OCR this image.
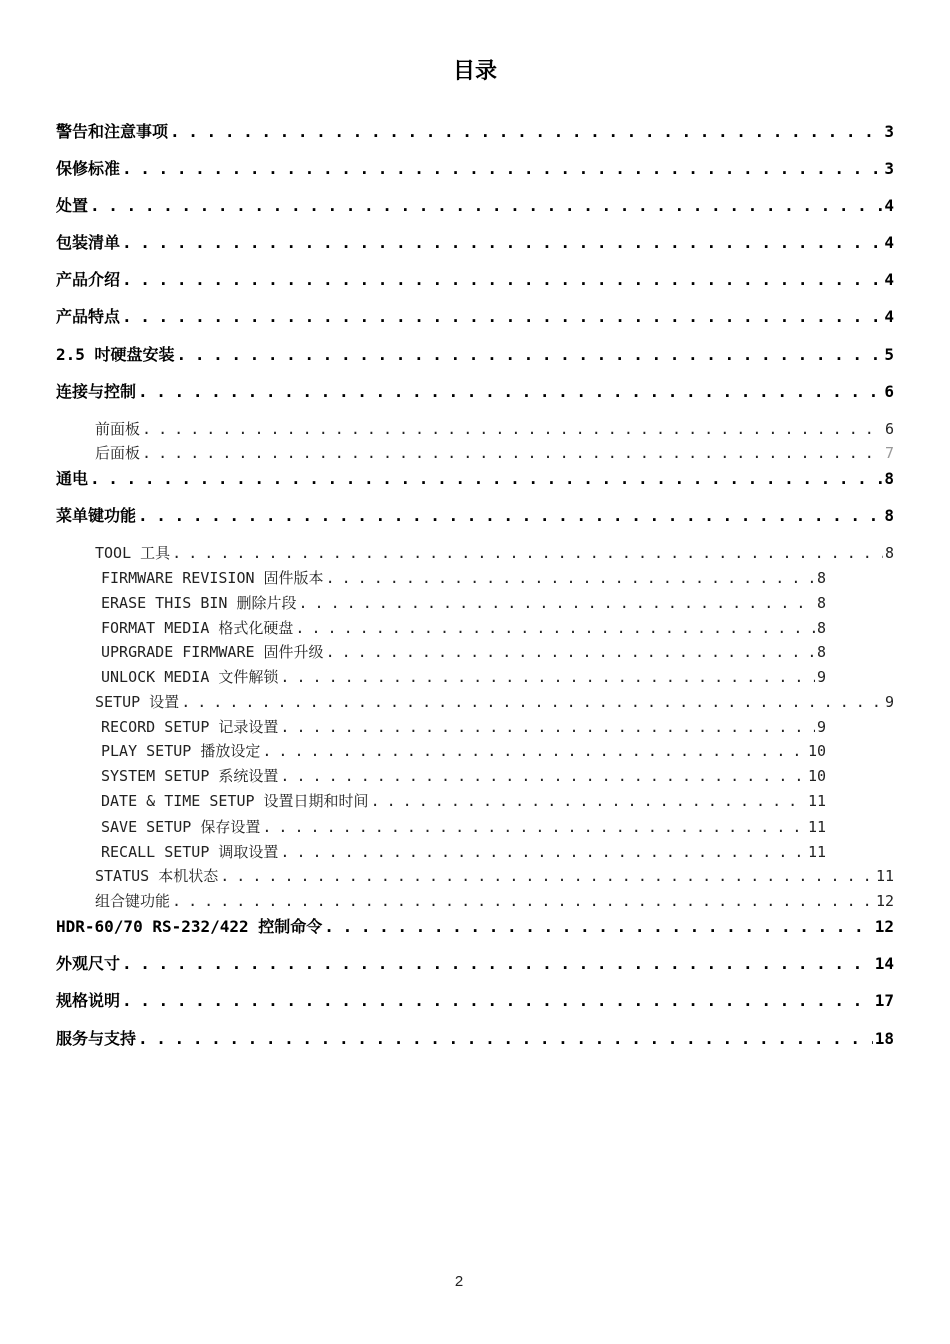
目录
警告和注意事项 . . .	3
保修标准 . . .	3
处置 . . .	4
包装清单 . . .	4
产品介绍 . . .	4
产品特点 . . .	4
2.5 吋硬盘安装 . . .	5
连接与控制 . . .	6
前面板 . . .	6
后面板 . . .	7
通电 . . .	8
菜单键功能 . . .	8
TOOL 工具 . . .	8
FIRMWARE REVISION 固件版本 . . .	8
ERASE THIS BIN 删除片段 . . .	8
FORMAT MEDIA 格式化硬盘 . . .	8
UPRGRADE FIRMWARE 固件升级 . . .	8
UNLOCK MEDIA 文件解锁 . . .	9
SETUP 设置 . . .	9
RECORD SETUP 记录设置 . . .	9
PLAY SETUP 播放设定 . . .	10
SYSTEM SETUP 系统设置 . . .	10
DATE & TIME SETUP 设置日期和时间 . . .	11
SAVE SETUP 保存设置 . . .	11
RECALL SETUP 调取设置 . . .	11
STATUS 本机状态 . . .	11
组合键功能 . . .	12
HDR-60/70 RS-232/422 控制命令 . . .	12
外观尺寸 . . .	14
规格说明 . . .	17
服务与支持 . . .	18
2
